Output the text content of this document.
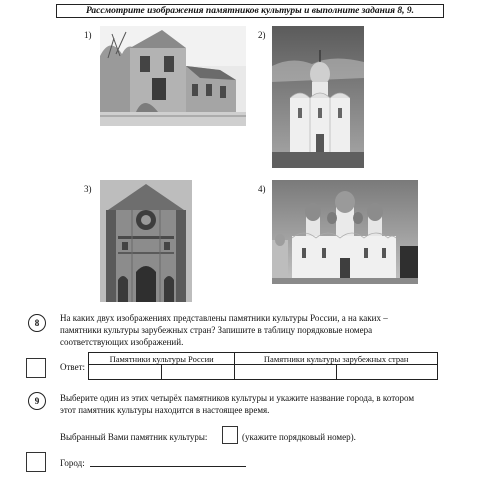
Рассмотрите изображения памятников культуры и выполните задания 8, 9.
1)	2)
3)	4)
8	На каких двух изображениях представлены памятники культуры России, а на каких –
памятники культуры зарубежных стран? Запишите в таблицу порядковые номера
соответствующих изображений.
Ответ:
Памятники культуры России		Памятники культуры зарубежных стран	

9	Выберите один из этих четырёх памятников культуры и укажите название города, в котором
этот памятник культуры находится в настоящее время.
Выбранный Вами памятник культуры:	(укажите порядковый номер).
Город:
